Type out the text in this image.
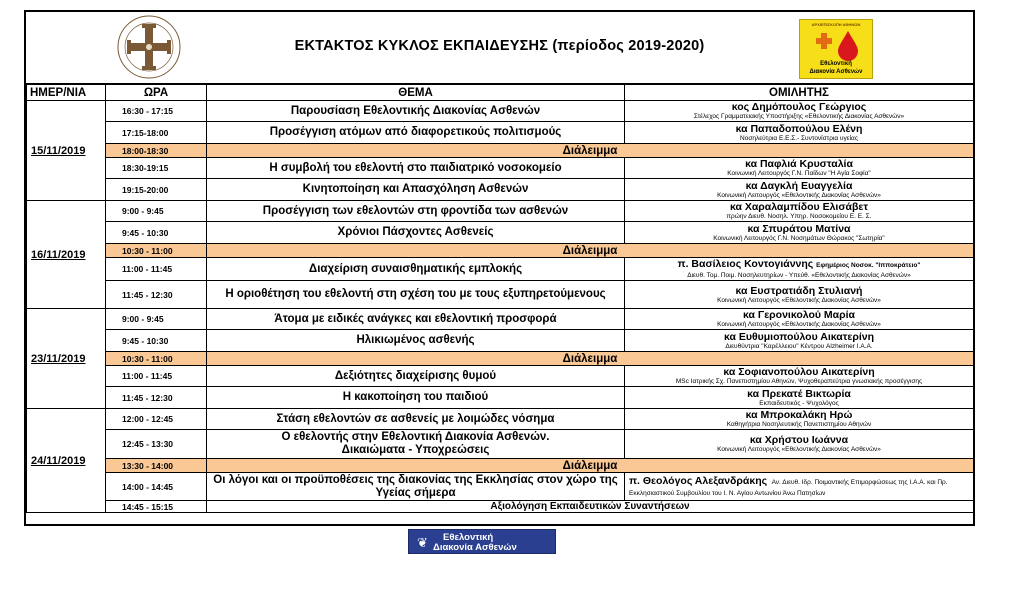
ΕΚΤΑΚΤΟΣ ΚΥΚΛΟΣ ΕΚΠΑΙΔΕΥΣΗΣ (περίοδος 2019-2020)
ΑΡΧΙΕΠΙΣΚΟΠΗ ΑΘΗΝΩΝ
Εθελοντική
Διακονία Ασθενών
ΗΜΕΡ/ΝΙΑ	ΩΡΑ	ΘΕΜΑ	ΟΜΙΛΗΤΗΣ
15/11/2019	16:30 - 17:15	Παρουσίαση Εθελοντικής Διακονίας Ασθενών	κος Δημόπουλος Γεώργιος
Στέλεχος Γραμματειακής Υποστήριξης «Εθελοντικής Διακονίας Ασθενών»

	17:15-18:00	Προσέγγιση ατόμων από διαφορετικούς πολιτισμούς	κα Παπαδοπούλου Ελένη
Νοσηλεύτρια Ε.Ε.Σ.- Συντονίστρια υγείας

	18:00-18:30	Διάλειμμα	
	18:30-19:15	Η συμβολή του εθελοντή στο παιδιατρικό νοσοκομείο	κα Παφλιά Κρυσταλία
Κοινωνική Λειτουργός Γ.Ν. Παίδων "Η Αγία Σοφία"

	19:15-20:00	Κινητοποίηση και Απασχόληση Ασθενών	κα Δαγκλή Ευαγγελία
Κοινωνική Λειτουργός «Εθελοντικής Διακονίας Ασθενών»

16/11/2019	9:00 - 9:45	Προσέγγιση των εθελοντών στη φροντίδα των ασθενών	κα Χαραλαμπίδου Ελισάβετ
πρώην Διευθ. Νοσηλ. Υπηρ. Νοσοκομείου Ε. Ε. Σ.

	9:45 - 10:30	Χρόνιοι Πάσχοντες Ασθενείς	κα Σπυράτου Ματίνα
Κοινωνική Λειτουργός Γ.Ν. Νοσημάτων Θώρακος "Σωτηρία"

	10:30 - 11:00	Διάλειμμα	
	11:00 - 11:45	Διαχείριση συναισθηματικής εμπλοκής	π. Βασίλειος Κοντογιάννης Εφημέριος Νοσοκ. "Ιπποκράτειο"
Διευθ. Τομ. Ποιμ. Νοσηλευτηρίων - Υπεύθ. «Εθελοντικής Διακονίας Ασθενών»

	11:45 - 12:30	Η οριοθέτηση του εθελοντή στη σχέση του με τους εξυπηρετούμενους	κα Ευστρατιάδη Στυλιανή
Κοινωνική Λειτουργός «Εθελοντικής Διακονίας Ασθενών»

23/11/2019	9:00 - 9:45	Άτομα με ειδικές ανάγκες και εθελοντική προσφορά	κα Γερονικολού Μαρία
Κοινωνική Λειτουργός «Εθελοντικής Διακονίας Ασθενών»

	9:45 - 10:30	Ηλικιωμένος ασθενής	κα Ευθυμιοπούλου Αικατερίνη
Διευθύντρια "Καρέλλειου" Κέντρου Alzheimer Ι.Α.Α.

	10:30 - 11:00	Διάλειμμα	
	11:00 - 11:45	Δεξιότητες διαχείρισης θυμού	κα Σοφιανοπούλου Αικατερίνη
MSc Ιατρικής Σχ. Πανεπιστημίου Αθηνών, Ψυχοθεραπεύτρια γνωσιακής προσέγγισης

	11:45 - 12:30	Η κακοποίηση του παιδιού	κα Πρεκατέ Βικτωρία
Εκπαιδευτικός - Ψυχολόγος

24/11/2019	12:00 - 12:45	Στάση εθελοντών σε ασθενείς με λοιμώδες νόσημα	κα Μπροκαλάκη Ηρώ
Καθηγήτρια Νοσηλευτικής Πανεπιστημίου Αθηνών

	12:45 - 13:30	Ο εθελοντής στην Εθελοντική Διακονία Ασθενών.
Δικαιώματα - Υποχρεώσεις	κα Χρήστου Ιωάννα
Κοινωνική Λειτουργός «Εθελοντικής Διακονίας Ασθενών»

	13:30 - 14:00	Διάλειμμα	
	14:00 - 14:45	Οι λόγοι και οι προϋποθέσεις της διακονίας της Εκκλησίας στον χώρο της Υγείας σήμερα	π. Θεολόγος Αλεξανδράκης Αν. Διευθ. Ιδρ. Ποιμαντικής Επιμορφώσεως της Ι.Α.Α. και Πρ. Εκκλησιαστικού Συμβουλίου του Ι. Ν. Αγίου Αντωνίου Άνω Πατησίων
	14:45 - 15:15	Αξιολόγηση Εκπαιδευτικών Συναντήσεων	
❦ Εθελοντική
Διακονία Ασθενών
